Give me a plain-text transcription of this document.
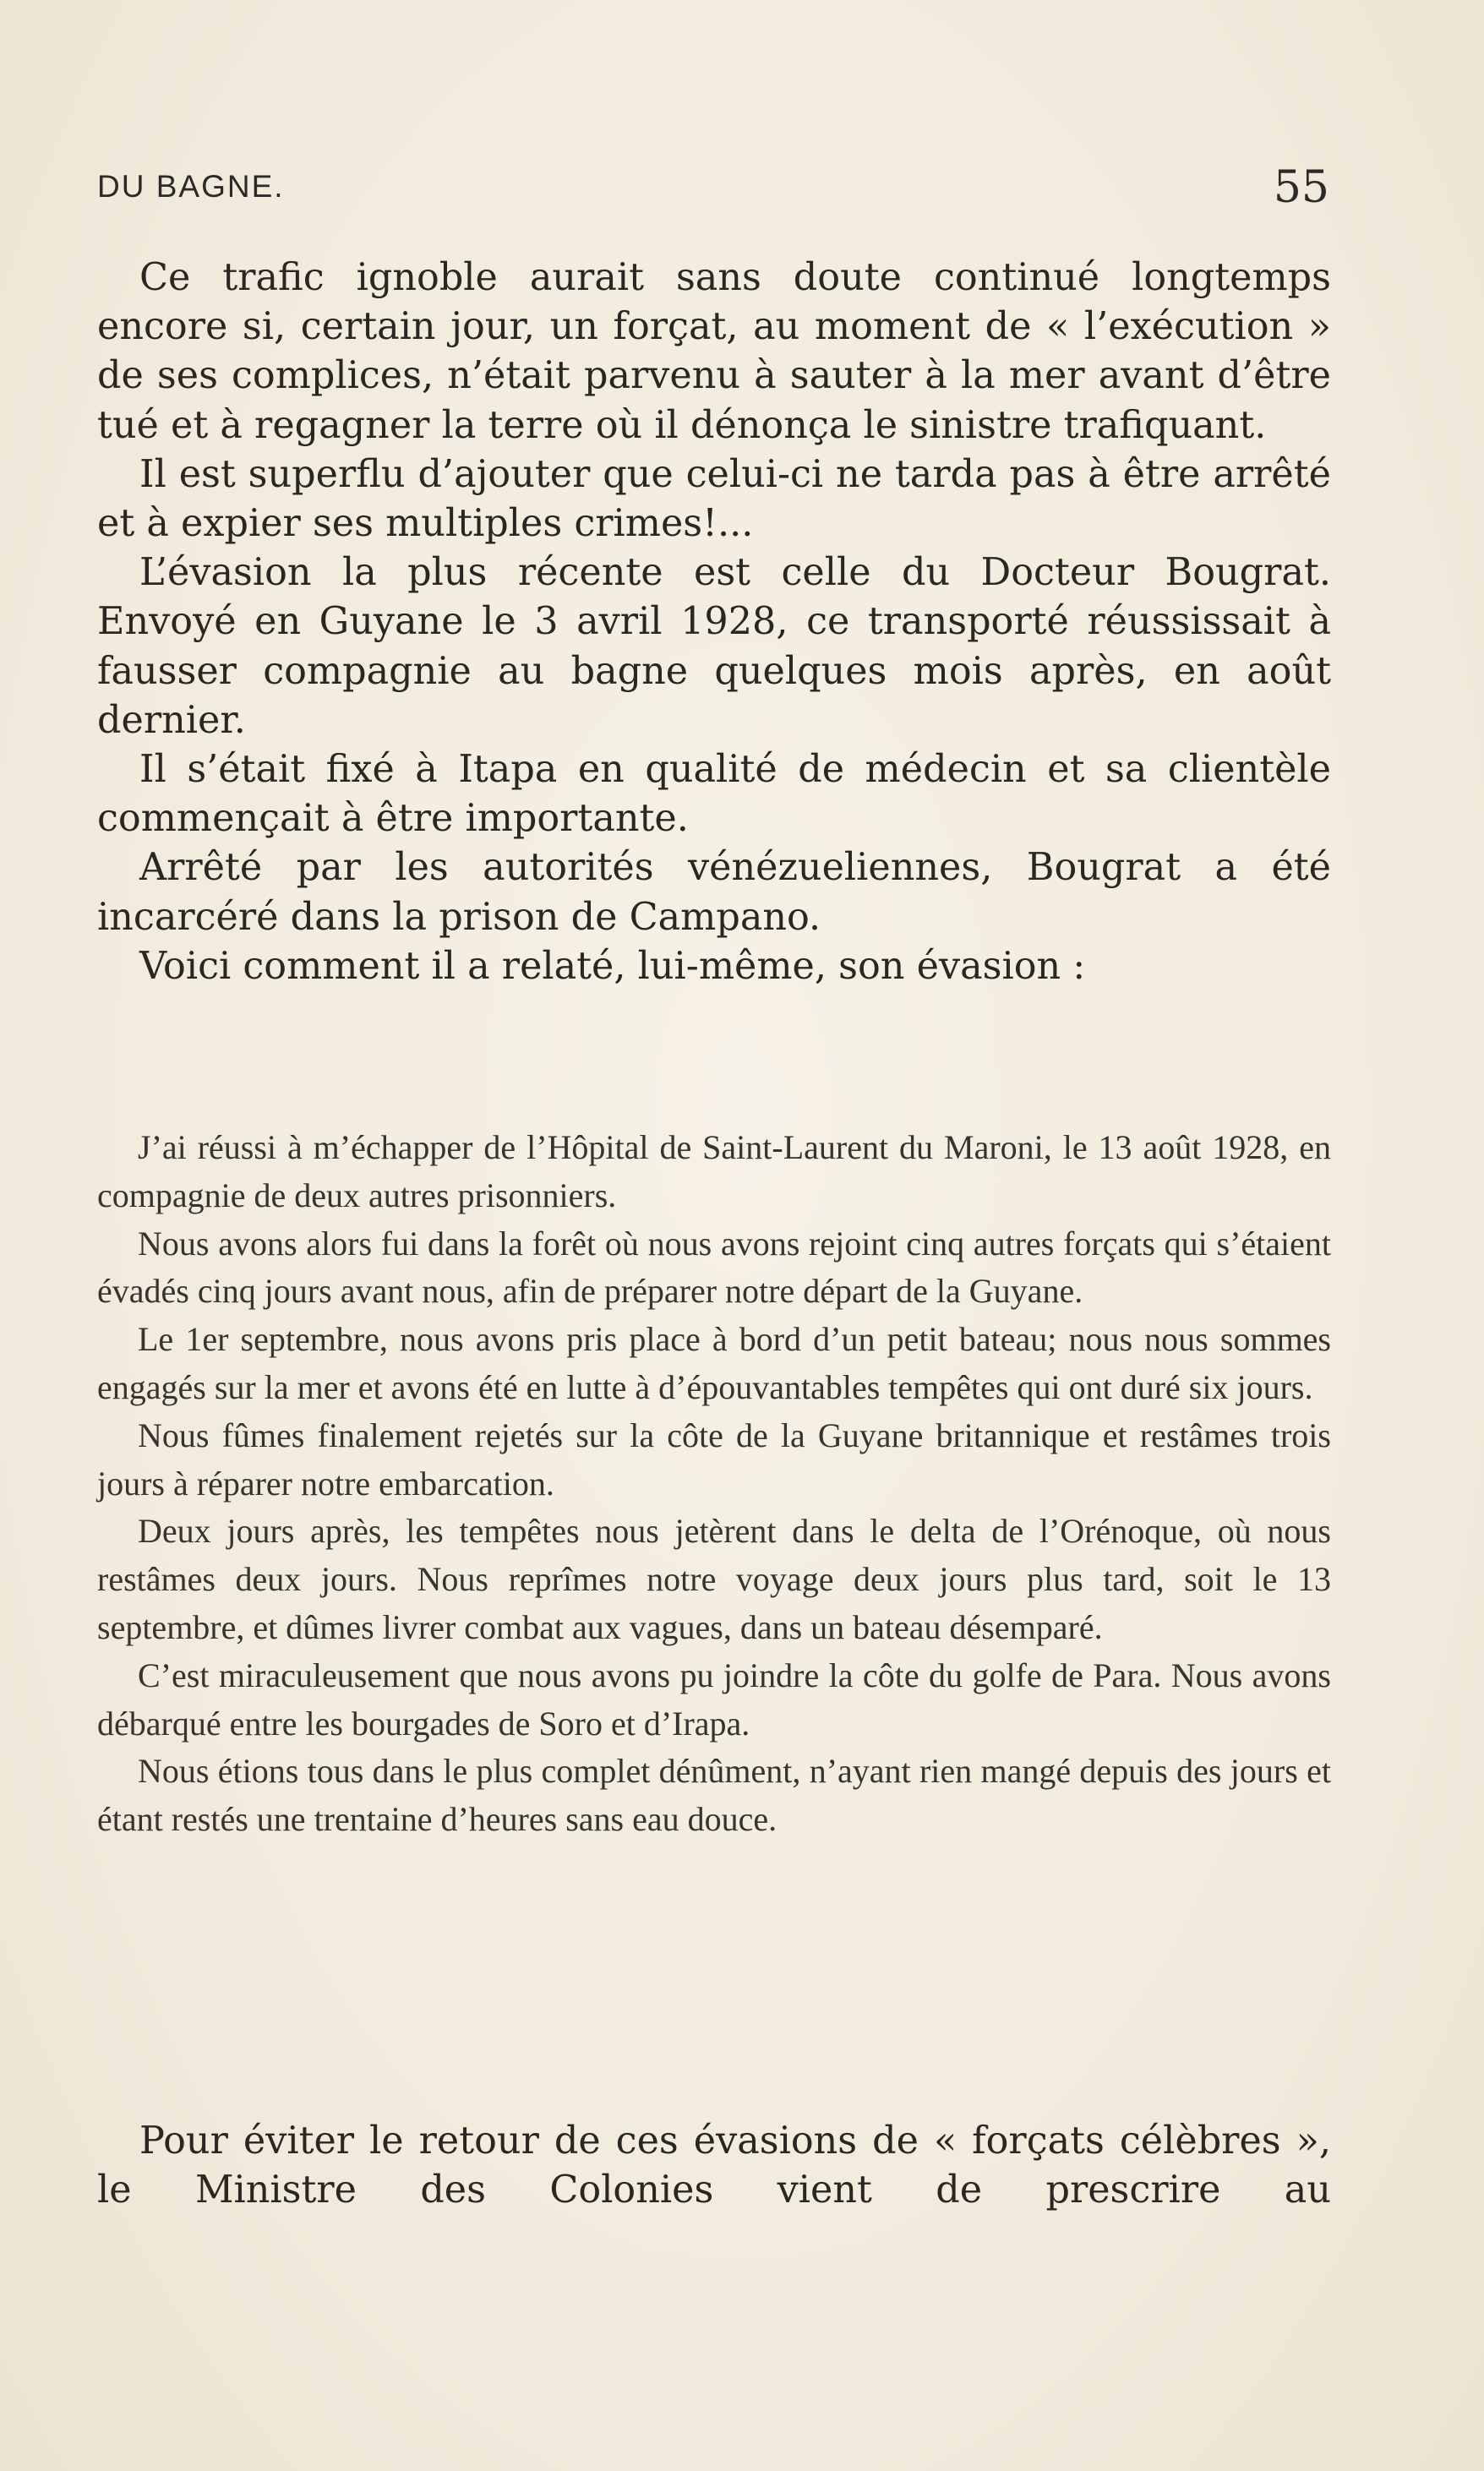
DU BAGNE.	55

Ce trafic ignoble aurait sans doute continué longtemps encore si, certain jour, un forçat, au moment de « l’exécution » de ses complices, n’était parvenu à sauter à la mer avant d’être tué et à regagner la terre où il dénonça le sinistre trafiquant.

Il est superflu d’ajouter que celui-ci ne tarda pas à être arrêté et à expier ses multiples crimes!...

L’évasion la plus récente est celle du Docteur Bougrat. Envoyé en Guyane le 3 avril 1928, ce transporté réussissait à fausser compagnie au bagne quelques mois après, en août dernier.

Il s’était fixé à Itapa en qualité de médecin et sa clientèle commençait à être importante.

Arrêté par les autorités vénézueliennes, Bougrat a été incarcéré dans la prison de Campano.

Voici comment il a relaté, lui-même, son évasion :

J’ai réussi à m’échapper de l’Hôpital de Saint-Laurent du Maroni, le 13 août 1928, en compagnie de deux autres prisonniers.

Nous avons alors fui dans la forêt où nous avons rejoint cinq autres forçats qui s’étaient évadés cinq jours avant nous, afin de préparer notre départ de la Guyane.

Le 1er septembre, nous avons pris place à bord d’un petit bateau; nous nous sommes engagés sur la mer et avons été en lutte à d’épouvantables tempêtes qui ont duré six jours.

Nous fûmes finalement rejetés sur la côte de la Guyane britannique et restâmes trois jours à réparer notre embarcation.

Deux jours après, les tempêtes nous jetèrent dans le delta de l’Orénoque, où nous restâmes deux jours. Nous reprîmes notre voyage deux jours plus tard, soit le 13 septembre, et dûmes livrer combat aux vagues, dans un bateau désemparé.

C’est miraculeusement que nous avons pu joindre la côte du golfe de Para. Nous avons débarqué entre les bourgades de Soro et d’Irapa.

Nous étions tous dans le plus complet dénûment, n’ayant rien mangé depuis des jours et étant restés une trentaine d’heures sans eau douce.

Pour éviter le retour de ces évasions de « forçats célèbres », le Ministre des Colonies vient de prescrire au
